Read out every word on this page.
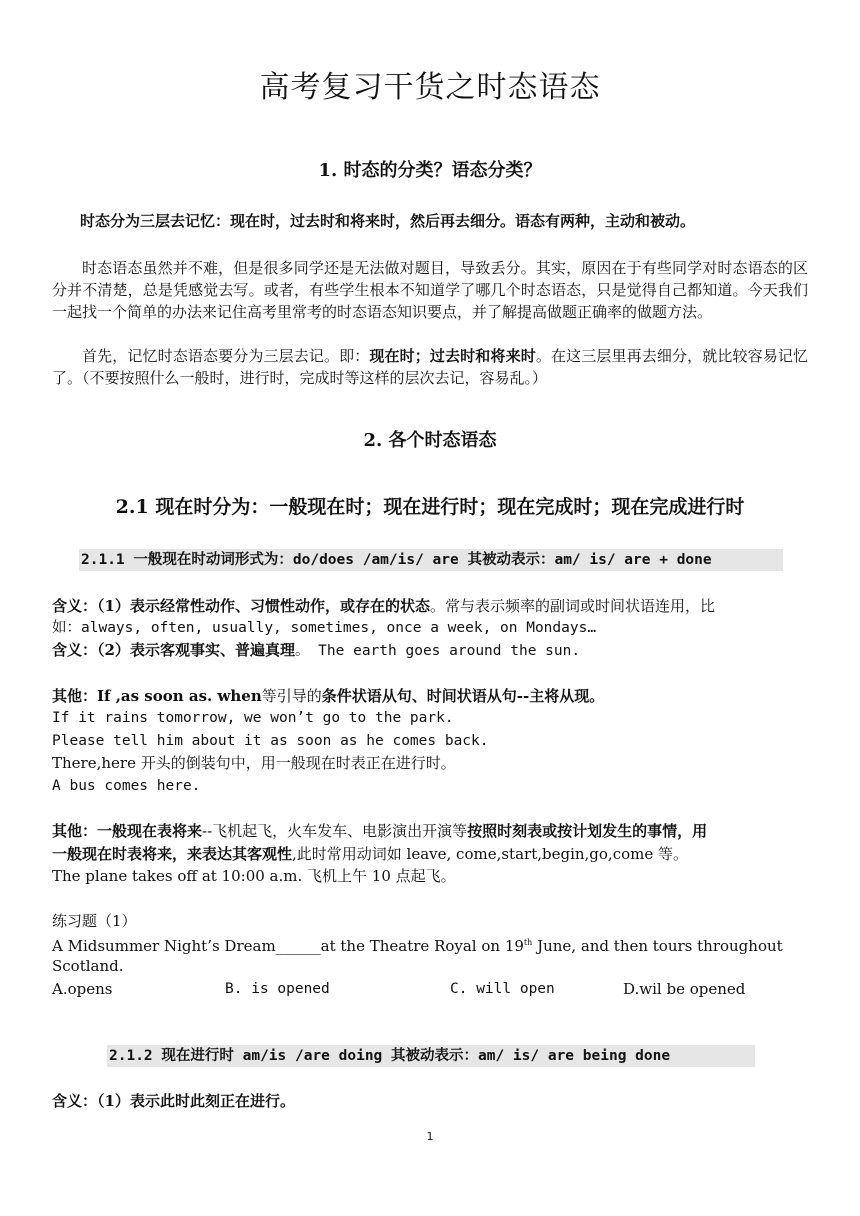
高考复习干货之时态语态
1. 时态的分类？语态分类？
时态分为三层去记忆：现在时，过去时和将来时，然后再去细分。语态有两种，主动和被动。
时态语态虽然并不难，但是很多同学还是无法做对题目，导致丢分。其实，原因在于有些同学对时态语态的区分并不清楚，总是凭感觉去写。或者，有些学生根本不知道学了哪几个时态语态，只是觉得自己都知道。今天我们一起找一个简单的办法来记住高考里常考的时态语态知识要点，并了解提高做题正确率的做题方法。
首先，记忆时态语态要分为三层去记。即：现在时；过去时和将来时。在这三层里再去细分，就比较容易记忆了。（不要按照什么一般时，进行时，完成时等这样的层次去记，容易乱。）
2. 各个时态语态
2.1 现在时分为：一般现在时；现在进行时；现在完成时；现在完成进行时
2.1.1 一般现在时动词形式为：do/does /am/is/ are 其被动表示：am/ is/ are + done
含义：（1）表示经常性动作、习惯性动作，或存在的状态。常与表示频率的副词或时间状语连用，比
如：always, often, usually, sometimes, once a week, on Mondays…
含义：（2）表示客观事实、普遍真理。 The earth goes around the sun.
其他：If ,as soon as. when等引导的条件状语从句、时间状语从句--主将从现。
If it rains tomorrow, we won’t go to the park.
Please tell him about it as soon as he comes back.
There,here 开头的倒装句中，用一般现在时表正在进行时。
A bus comes here.
其他：一般现在表将来--飞机起飞，火车发车、电影演出开演等按照时刻表或按计划发生的事情，用
一般现在时表将来，来表达其客观性,此时常用动词如 leave, come,start,begin,go,come 等。
The plane takes off at 10:00 a.m. 飞机上午 10 点起飞。
练习题（1）
A Midsummer Night’s Dream______at the Theatre Royal on 19th June, and then tours throughout
Scotland.
A.opens	B. is opened	C. will open	D.wil be opened
2.1.2 现在进行时 am/is /are doing 其被动表示：am/ is/ are being done
含义：（1）表示此时此刻正在进行。
1
